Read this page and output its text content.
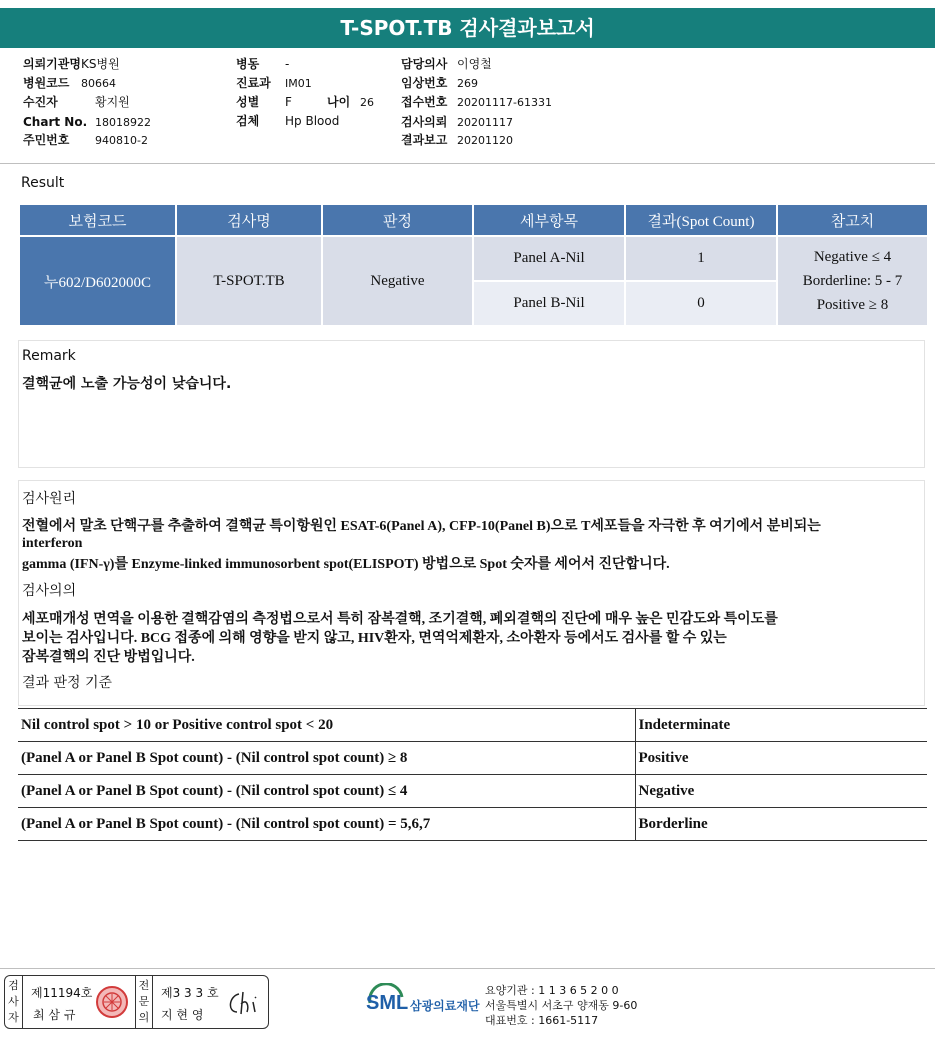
T-SPOT.TB 검사결과보고서
의뢰기관명KS병원
병원코드 80664
수진자	황지원
Chart No. 18018922
주민번호 940810-2
병동 -
진료과 IM01
성별 F	나이 26
검체 Hp Blood
담당의사 이영철
임상번호 269
접수번호 20201117-61331
검사의뢰 20201117
결과보고 20201120
Result
보험코드	검사명	판정	세부항목	결과(Spot Count)	참고치
누602/D602000C	T-SPOT.TB	Negative	Panel A-Nil	1	Negative ≤ 4
Borderline: 5 - 7
Positive ≥ 8

			Panel B-Nil	0	
Remark
결핵균에 노출 가능성이 낮습니다.
검사원리
전혈에서 말초 단핵구를 추출하여 결핵균 특이항원인 ESAT-6(Panel A), CFP-10(Panel B)으로 T세포들을 자극한 후 여기에서 분비되는
interferon
gamma (IFN-γ)를 Enzyme-linked immunosorbent spot(ELISPOT) 방법으로 Spot 숫자를 세어서 진단합니다.
검사의의
세포매개성 면역을 이용한 결핵감염의 측정법으로서 특히 잠복결핵, 조기결핵, 폐외결핵의 진단에 매우 높은 민감도와 특이도를
보이는 검사입니다. BCG 접종에 의해 영향을 받지 않고, HIV환자, 면역억제환자, 소아환자 등에서도 검사를 할 수 있는
잠복결핵의 진단 방법입니다.
결과 판정 기준
Nil control spot > 10 or Positive control spot < 20	Indeterminate
(Panel A or Panel B Spot count) - (Nil control spot count) ≥ 8	Positive
(Panel A or Panel B Spot count) - (Nil control spot count) ≤ 4	Negative
(Panel A or Panel B Spot count) - (Nil control spot count) = 5,6,7	Borderline
검
사
자
제11194호
최 삼 규
전
문
의
제3 3 3 호
지 현 영
SML 삼광의료재단
요양기관 : 1 1 3 6 5 2 0 0
서울특별시 서초구 양재동 9-60
대표번호 : 1661-5117
